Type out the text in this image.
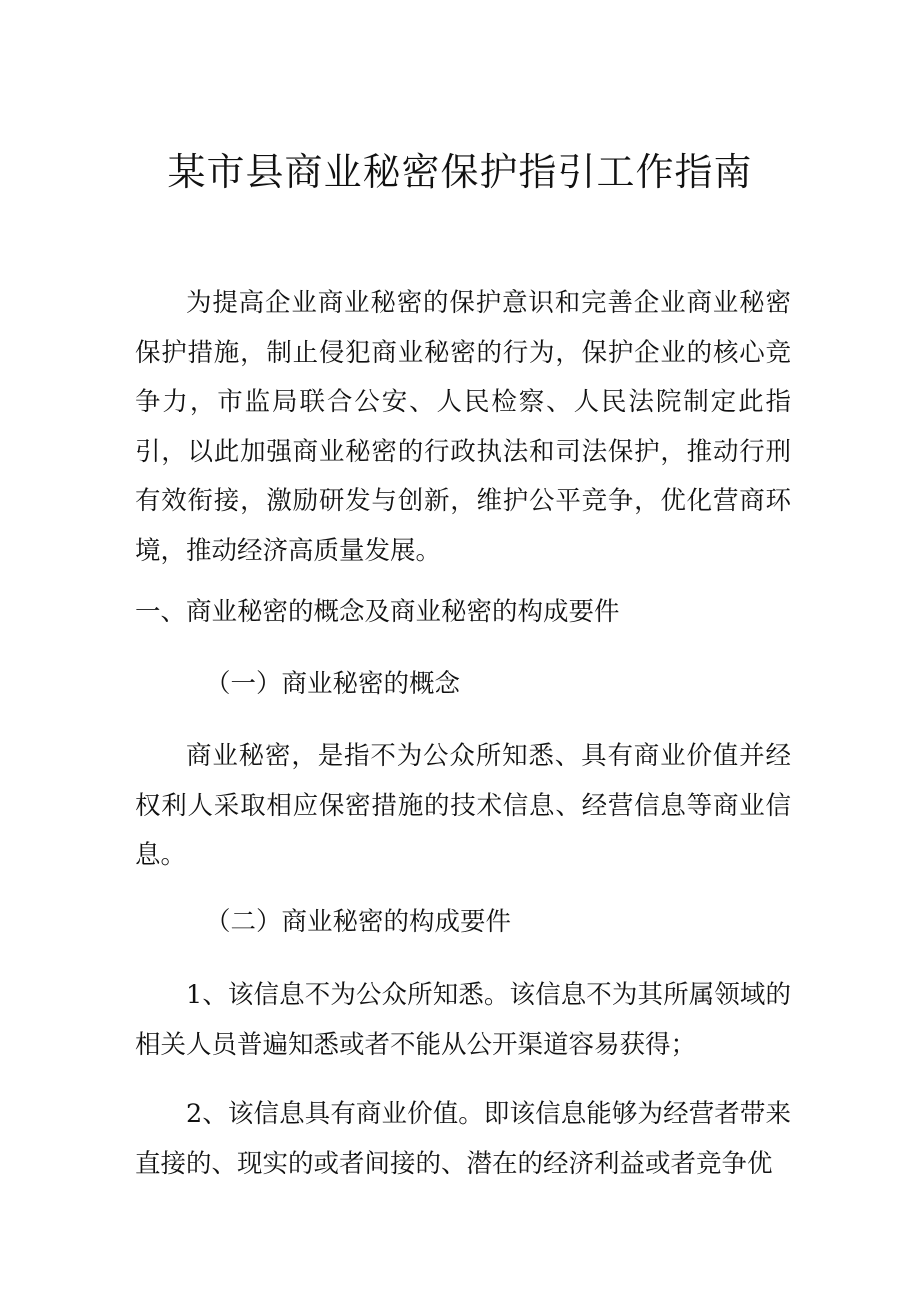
某市县商业秘密保护指引工作指南

为提高企业商业秘密的保护意识和完善企业商业秘密保护措施，制止侵犯商业秘密的行为，保护企业的核心竞争力，市监局联合公安、人民检察、人民法院制定此指引，以此加强商业秘密的行政执法和司法保护，推动行刑有效衔接，激励研发与创新，维护公平竞争，优化营商环境，推动经济高质量发展。

一、商业秘密的概念及商业秘密的构成要件

（一）商业秘密的概念

商业秘密，是指不为公众所知悉、具有商业价值并经权利人采取相应保密措施的技术信息、经营信息等商业信息。

（二）商业秘密的构成要件

1、该信息不为公众所知悉。该信息不为其所属领域的相关人员普遍知悉或者不能从公开渠道容易获得；

2、该信息具有商业价值。即该信息能够为经营者带来直接的、现实的或者间接的、潜在的经济利益或者竞争优
